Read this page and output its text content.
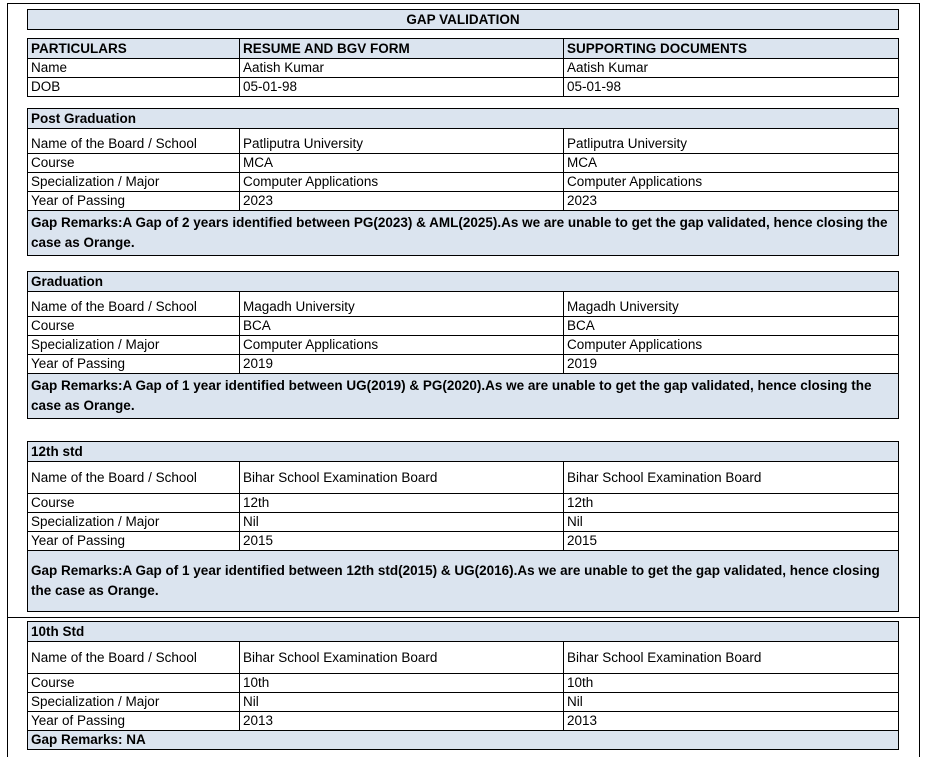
GAP VALIDATION
PARTICULARS	RESUME AND BGV FORM	SUPPORTING DOCUMENTS
Name	Aatish Kumar	Aatish Kumar
DOB	05-01-98	05-01-98
Post Graduation		
Name of the Board / School	Patliputra University	Patliputra University
Course	MCA	MCA
Specialization / Major	Computer Applications	Computer Applications
Year of Passing	2023	2023
Gap Remarks:A Gap of 2 years identified between PG(2023) & AML(2025).As we are unable to get the gap validated, hence closing the case as Orange.		
Graduation		
Name of the Board / School	Magadh University	Magadh University
Course	BCA	BCA
Specialization / Major	Computer Applications	Computer Applications
Year of Passing	2019	2019
Gap Remarks:A Gap of 1 year identified between UG(2019) & PG(2020).As we are unable to get the gap validated, hence closing the case as Orange.		
12th std		
Name of the Board / School	Bihar School Examination Board	Bihar School Examination Board
Course	12th	12th
Specialization / Major	Nil	Nil
Year of Passing	2015	2015
Gap Remarks:A Gap of 1 year identified between 12th std(2015) & UG(2016).As we are unable to get the gap validated, hence closing the case as Orange.		
10th Std		
Name of the Board / School	Bihar School Examination Board	Bihar School Examination Board
Course	10th	10th
Specialization / Major	Nil	Nil
Year of Passing	2013	2013
Gap Remarks: NA		
